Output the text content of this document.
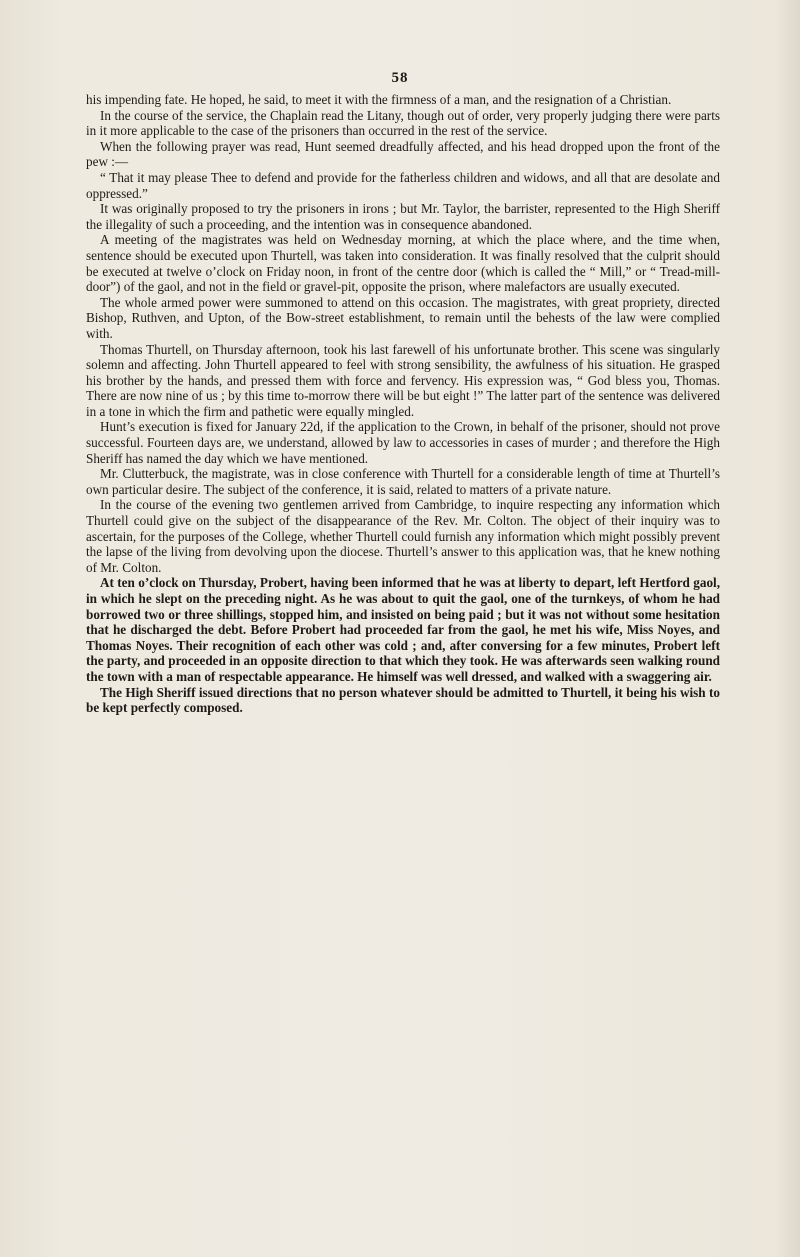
58

his impending fate. He hoped, he said, to meet it with the firmness of a man, and the resignation of a Christian.

In the course of the service, the Chaplain read the Litany, though out of order, very properly judging there were parts in it more applicable to the case of the prisoners than occurred in the rest of the service.

When the following prayer was read, Hunt seemed dreadfully affected, and his head dropped upon the front of the pew :—

“ That it may please Thee to defend and provide for the fatherless children and widows, and all that are desolate and oppressed.”

It was originally proposed to try the prisoners in irons ; but Mr. Taylor, the barrister, represented to the High Sheriff the illegality of such a proceeding, and the intention was in consequence abandoned.

A meeting of the magistrates was held on Wednesday morning, at which the place where, and the time when, sentence should be executed upon Thurtell, was taken into consideration. It was finally resolved that the culprit should be executed at twelve o’clock on Friday noon, in front of the centre door (which is called the “ Mill,” or “ Tread-mill-door”) of the gaol, and not in the field or gravel-pit, opposite the prison, where malefactors are usually executed.

The whole armed power were summoned to attend on this occasion. The magistrates, with great propriety, directed Bishop, Ruthven, and Upton, of the Bow-street establishment, to remain until the behests of the law were complied with.

Thomas Thurtell, on Thursday afternoon, took his last farewell of his unfortunate brother. This scene was singularly solemn and affecting. John Thurtell appeared to feel with strong sensibility, the awfulness of his situation. He grasped his brother by the hands, and pressed them with force and fervency. His expression was, “ God bless you, Thomas. There are now nine of us ; by this time to-morrow there will be but eight !” The latter part of the sentence was delivered in a tone in which the firm and pathetic were equally mingled.

Hunt’s execution is fixed for January 22d, if the application to the Crown, in behalf of the prisoner, should not prove successful. Fourteen days are, we understand, allowed by law to accessories in cases of murder ; and therefore the High Sheriff has named the day which we have mentioned.

Mr. Clutterbuck, the magistrate, was in close conference with Thurtell for a considerable length of time at Thurtell’s own particular desire. The subject of the conference, it is said, related to matters of a private nature.

In the course of the evening two gentlemen arrived from Cambridge, to inquire respecting any information which Thurtell could give on the subject of the disappearance of the Rev. Mr. Colton. The object of their inquiry was to ascertain, for the purposes of the College, whether Thurtell could furnish any information which might possibly prevent the lapse of the living from devolving upon the diocese. Thurtell’s answer to this application was, that he knew nothing of Mr. Colton.

At ten o’clock on Thursday, Probert, having been informed that he was at liberty to depart, left Hertford gaol, in which he slept on the preceding night. As he was about to quit the gaol, one of the turnkeys, of whom he had borrowed two or three shillings, stopped him, and insisted on being paid ; but it was not without some hesitation that he discharged the debt. Before Probert had proceeded far from the gaol, he met his wife, Miss Noyes, and Thomas Noyes. Their recognition of each other was cold ; and, after conversing for a few minutes, Probert left the party, and proceeded in an opposite direction to that which they took. He was afterwards seen walking round the town with a man of respectable appearance. He himself was well dressed, and walked with a swaggering air.

The High Sheriff issued directions that no person whatever should be admitted to Thurtell, it being his wish to be kept perfectly composed.
